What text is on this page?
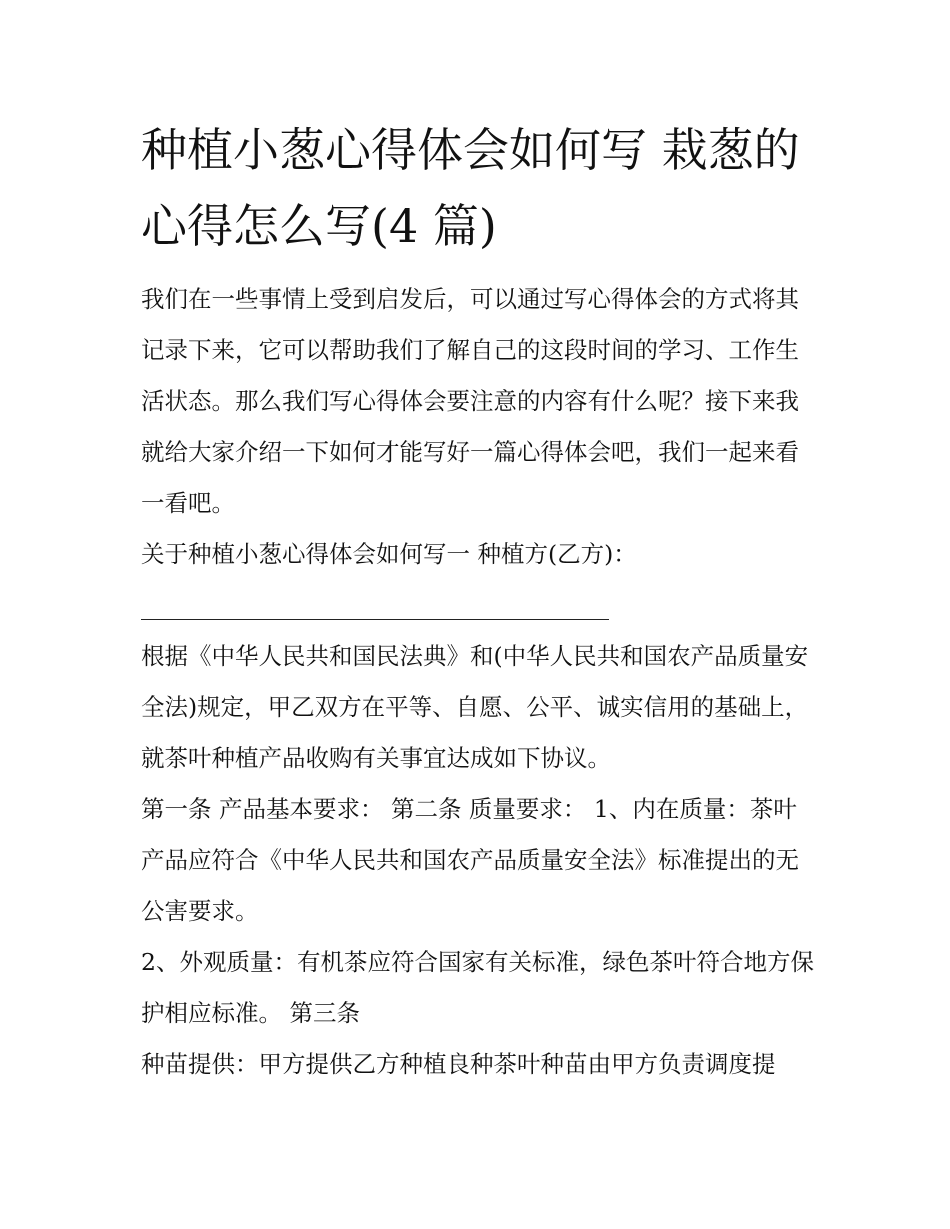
种植小葱心得体会如何写 栽葱的心得怎么写(4 篇)

我们在一些事情上受到启发后，可以通过写心得体会的方式将其记录下来，它可以帮助我们了解自己的这段时间的学习、工作生活状态。那么我们写心得体会要注意的内容有什么呢？接下来我就给大家介绍一下如何才能写好一篇心得体会吧，我们一起来看一看吧。

关于种植小葱心得体会如何写一 种植方(乙方)：

根据《中华人民共和国民法典》和(中华人民共和国农产品质量安全法)规定，甲乙双方在平等、自愿、公平、诚实信用的基础上，就茶叶种植产品收购有关事宜达成如下协议。

第一条 产品基本要求： 第二条 质量要求： 1、内在质量：茶叶产品应符合《中华人民共和国农产品质量安全法》标准提出的无公害要求。

2、外观质量：有机茶应符合国家有关标准，绿色茶叶符合地方保护相应标准。 第三条

种苗提供：甲方提供乙方种植良种茶叶种苗由甲方负责调度提
